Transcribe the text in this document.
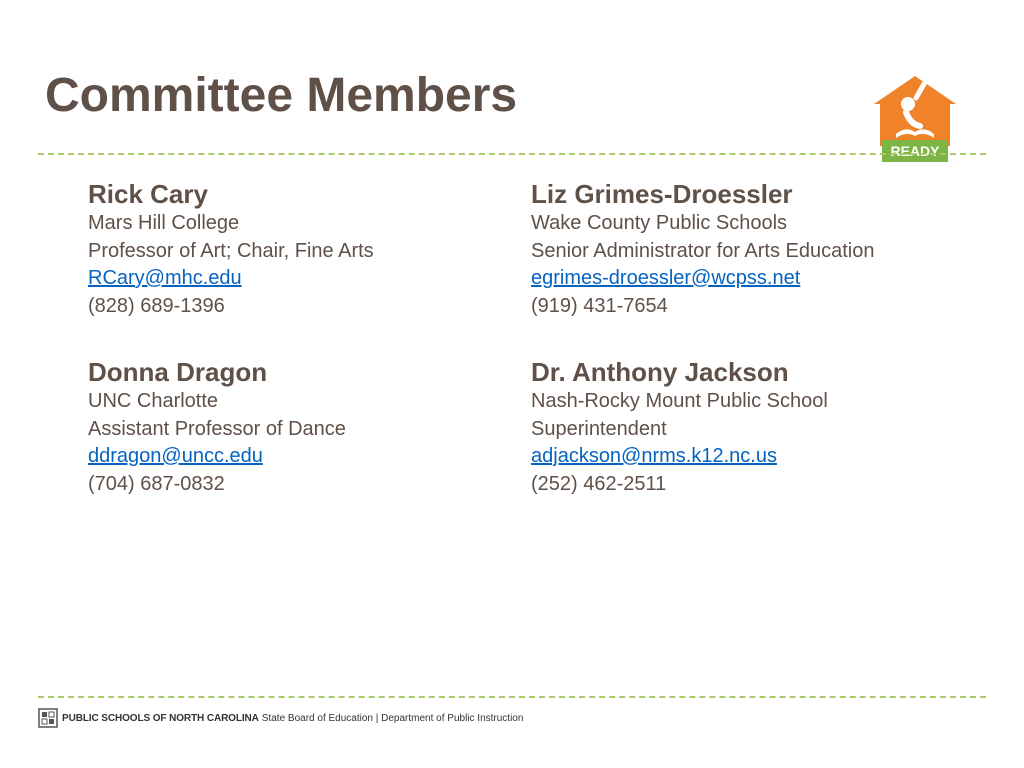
Committee Members
READY
Rick Cary
Mars Hill College
Professor of Art; Chair, Fine Arts
RCary@mhc.edu
(828) 689-1396
Liz Grimes-Droessler
Wake County Public Schools
Senior Administrator for Arts Education
egrimes-droessler@wcpss.net
(919) 431-7654
Donna Dragon
UNC Charlotte
Assistant Professor of Dance
ddragon@uncc.edu
(704) 687-0832
Dr. Anthony Jackson
Nash-Rocky Mount Public School
Superintendent
adjackson@nrms.k12.nc.us
(252) 462-2511
PUBLIC SCHOOLS OF NORTH CAROLINA State Board of Education | Department of Public Instruction
